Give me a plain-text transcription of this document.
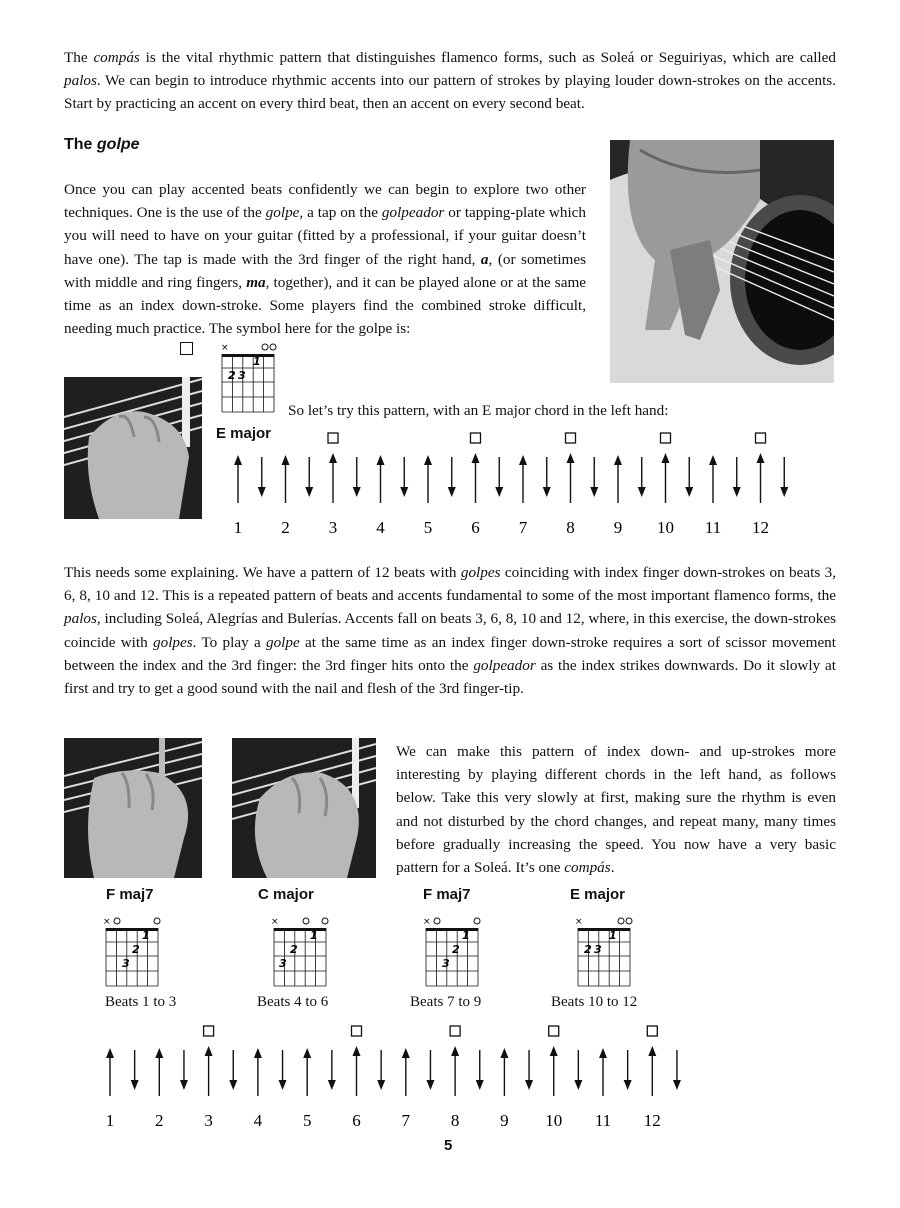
The compás is the vital rhythmic pattern that distinguishes flamenco forms, such as Soleá or Seguiriyas, which are called palos. We can begin to introduce rhythmic accents into our pattern of strokes by playing louder down-strokes on the accents. Start by practicing an accent on every third beat, then an accent on every second beat.

The golpe

Once you can play accented beats confidently we can begin to explore two other techniques. One is the use of the golpe, a tap on the golpeador or tapping-plate which you will need to have on your guitar (fitted by a professional, if your guitar doesn’t have one). The tap is made with the 3rd finger of the right hand, a, (or sometimes with middle and ring fingers, ma, together), and it can be played alone or at the same time as an index down-stroke. Some players find the combined stroke difficult, needing much practice. The symbol here for the golpe is:

×
2 3
1
So let’s try this pattern, with an E major chord in the left hand:
E major
1 2 3 4 5 6 7 8 9 10 11 12

This needs some explaining. We have a pattern of 12 beats with golpes coinciding with index finger down-strokes on beats 3, 6, 8, 10 and 12. This is a repeated pattern of beats and accents fundamental to some of the most important flamenco forms, the palos, including Soleá, Alegrías and Bulerías. Accents fall on beats 3, 6, 8, 10 and 12, where, in this exercise, the down-strokes coincide with golpes. To play a golpe at the same time as an index finger down-stroke requires a sort of scissor movement between the index and the 3rd finger: the 3rd finger hits onto the golpeador as the index strikes downwards. Do it slowly at first and try to get a good sound with the nail and flesh of the 3rd finger-tip.

We can make this pattern of index down- and up-strokes more interesting by playing different chords in the left hand, as follows below. Take this very slowly at first, making sure the rhythm is even and not disturbed by the chord changes, and repeat many, many times before gradually increasing the speed. You now have a very basic pattern for a Soleá. It’s one compás.

F maj7	C major	F maj7	E major
×
3
2
1
×
3
2
1
×
3
2
1
×
2 3
1
Beats 1 to 3	Beats 4 to 6	Beats 7 to 9	Beats 10 to 12
1 2 3 4 5 6 7 8 9 10 11 12
5
